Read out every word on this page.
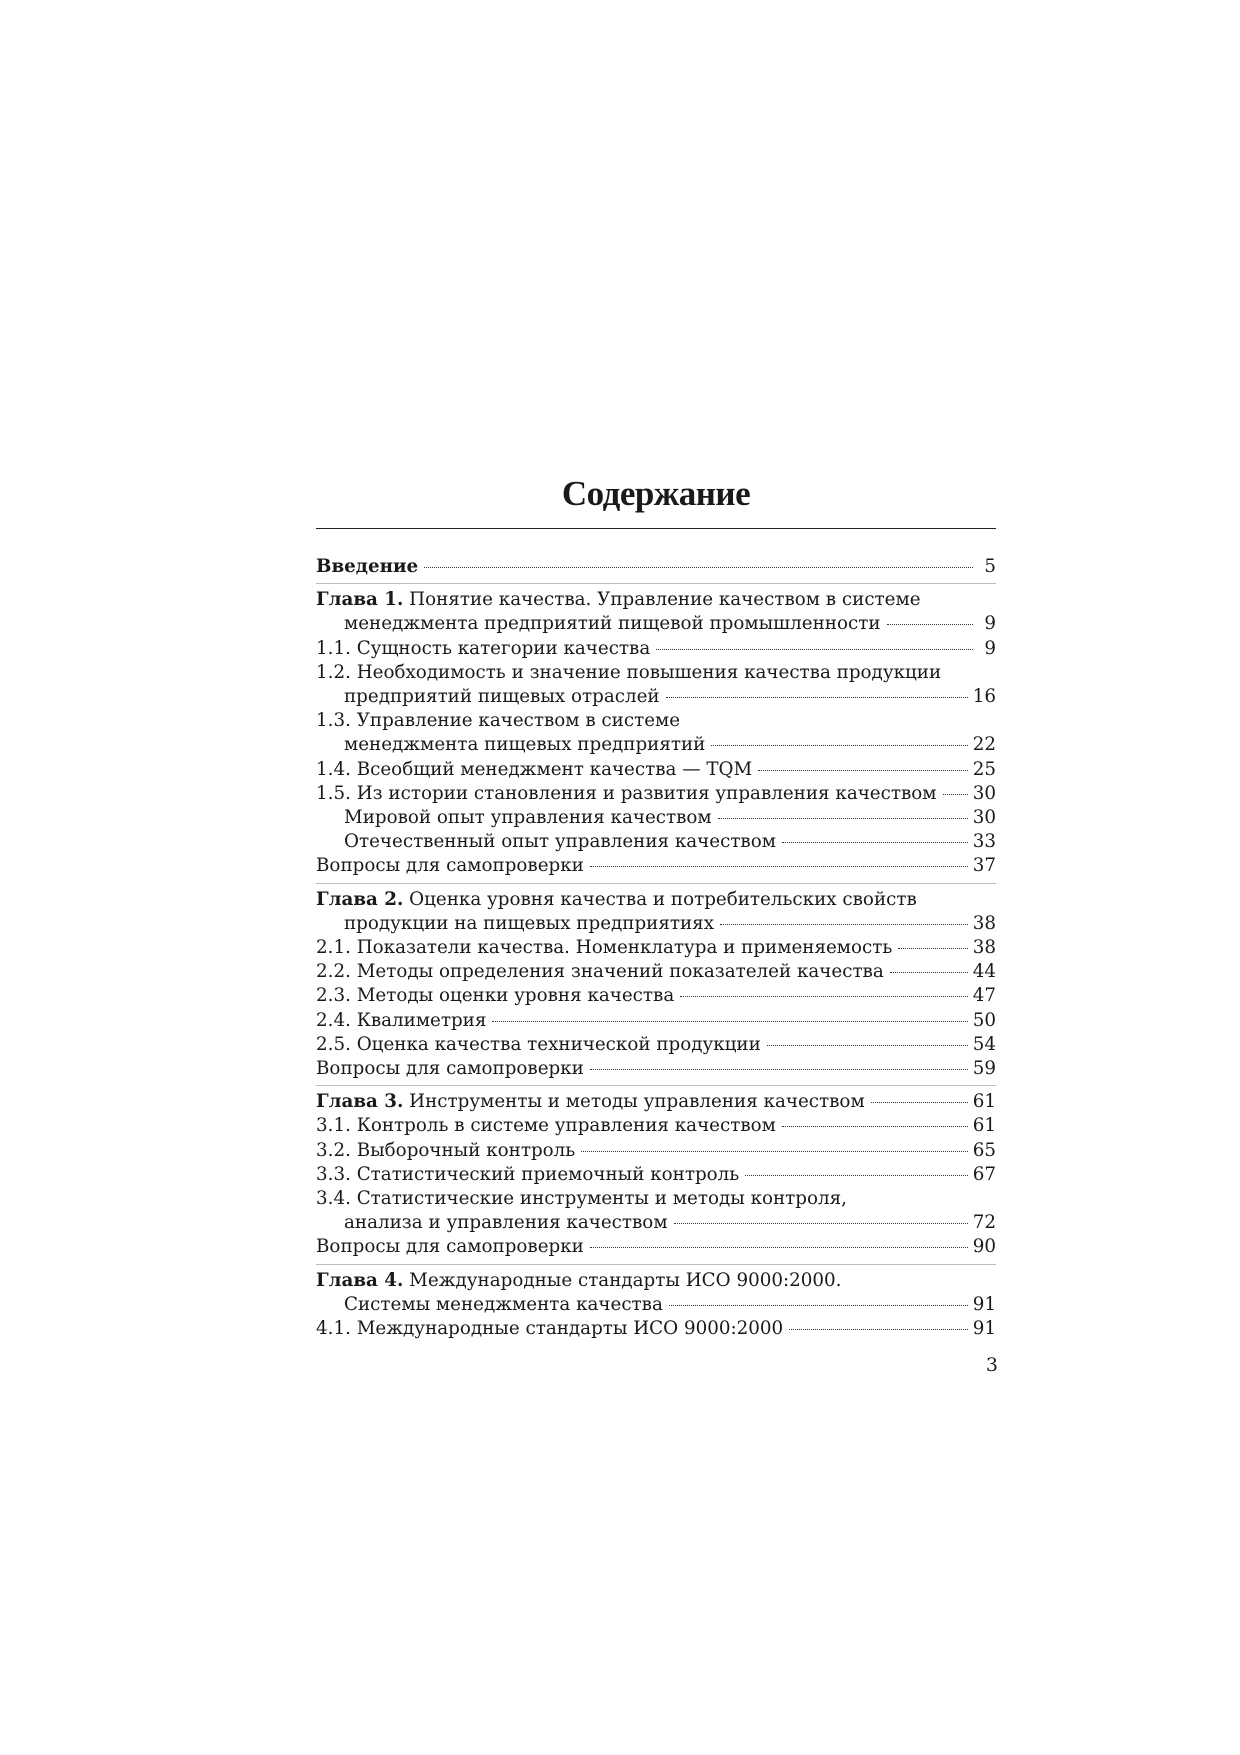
Содержание
Введение	5
Глава 1. Понятие качества. Управление качеством в системе
менеджмента предприятий пищевой промышленности	9
1.1. Сущность категории качества	9
1.2. Необходимость и значение повышения качества продукции
предприятий пищевых отраслей	16
1.3. Управление качеством в системе
менеджмента пищевых предприятий	22
1.4. Всеобщий менеджмент качества — TQM	25
1.5. Из истории становления и развития управления качеством 30
Мировой опыт управления качеством	30
Отечественный опыт управления качеством	33
Вопросы для самопроверки	37
Глава 2. Оценка уровня качества и потребительских свойств
продукции на пищевых предприятиях	38
2.1. Показатели качества. Номенклатура и применяемость	38
2.2. Методы определения значений показателей качества	44
2.3. Методы оценки уровня качества	47
2.4. Квалиметрия	50
2.5. Оценка качества технической продукции	54
Вопросы для самопроверки	59
Глава 3. Инструменты и методы управления качеством	61
3.1. Контроль в системе управления качеством	61
3.2. Выборочный контроль	65
3.3. Статистический приемочный контроль	67
3.4. Статистические инструменты и методы контроля,
анализа и управления качеством	72
Вопросы для самопроверки	90
Глава 4. Международные стандарты ИСО 9000:2000.
Системы менеджмента качества	91
4.1. Международные стандарты ИСО 9000:2000	91
3
